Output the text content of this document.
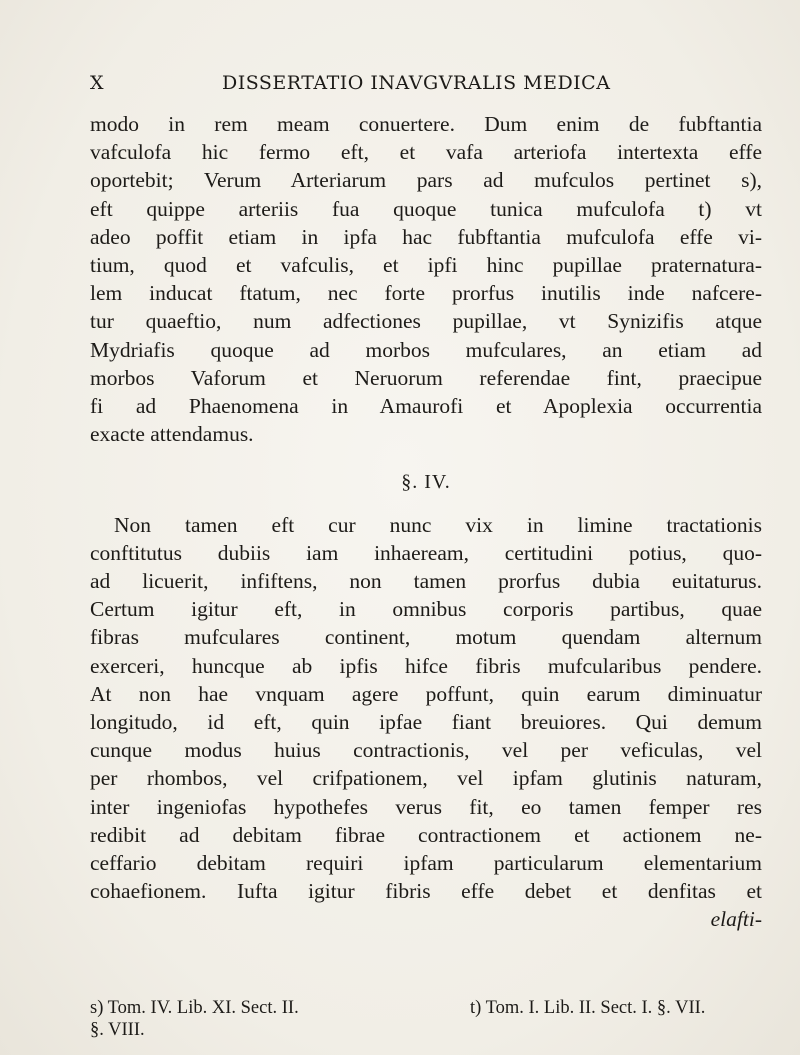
X	DISSERTATIO INAVGVRALIS MEDICA
modo in rem meam conuertere. Dum enim de fubftantia
vafculofa hic fermo eft, et vafa arteriofa intertexta effe
oportebit; Verum Arteriarum pars ad mufculos pertinet s),
eft quippe arteriis fua quoque tunica mufculofa t) vt
adeo poffit etiam in ipfa hac fubftantia mufculofa effe vi-
tium, quod et vafculis, et ipfi hinc pupillae praternatura-
lem inducat ftatum, nec forte prorfus inutilis inde nafcere-
tur quaeftio, num adfectiones pupillae, vt Synizifis atque
Mydriafis quoque ad morbos mufculares, an etiam ad
morbos Vaforum et Neruorum referendae fint, praecipue
fi ad Phaenomena in Amaurofi et Apoplexia occurrentia
exacte attendamus.
§. IV.
Non tamen eft cur nunc vix in limine tractationis
conftitutus dubiis iam inhaeream, certitudini potius, quo-
ad licuerit, infiftens, non tamen prorfus dubia euitaturus.
Certum igitur eft, in omnibus corporis partibus, quae
fibras mufculares continent, motum quendam alternum
exerceri, huncque ab ipfis hifce fibris mufcularibus pendere.
At non hae vnquam agere poffunt, quin earum diminuatur
longitudo, id eft, quin ipfae fiant breuiores. Qui demum
cunque modus huius contractionis, vel per veficulas, vel
per rhombos, vel crifpationem, vel ipfam glutinis naturam,
inter ingeniofas hypothefes verus fit, eo tamen femper res
redibit ad debitam fibrae contractionem et actionem ne-
ceffario debitam requiri ipfam particularum elementarium
cohaefionem. Iufta igitur fibris effe debet et denfitas et
elafti-
s) Tom. IV. Lib. XI. Sect. II.	t) Tom. I. Lib. II. Sect. I. §. VII.
§. VIII.
